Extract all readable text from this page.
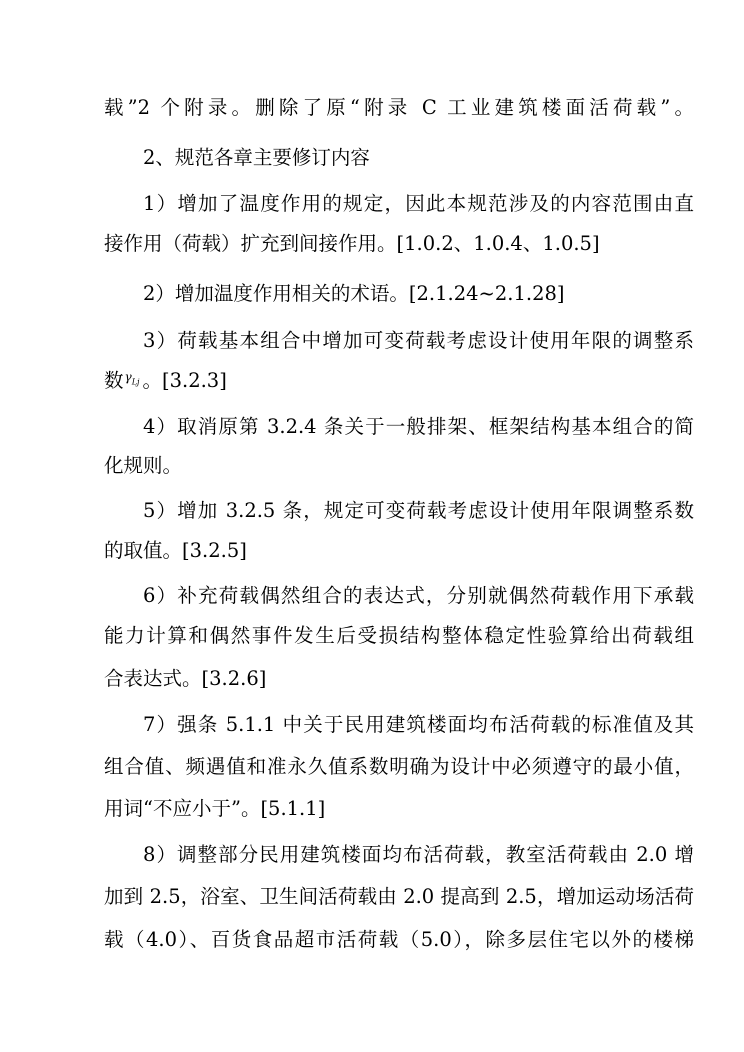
载”2 个附录。删除了原“附录 C 工业建筑楼面活荷载”。
2、规范各章主要修订内容
1）增加了温度作用的规定，因此本规范涉及的内容范围由直
接作用（荷载）扩充到间接作用。[1.0.2、1.0.4、1.0.5]
2）增加温度作用相关的术语。[2.1.24~2.1.28]
3）荷载基本组合中增加可变荷载考虑设计使用年限的调整系
数$^{\gamma_{Lj}}$ 。[3.2.3]
4）取消原第 3.2.4 条关于一般排架、框架结构基本组合的简
化规则。
5）增加 3.2.5 条，规定可变荷载考虑设计使用年限调整系数
的取值。[3.2.5]
6）补充荷载偶然组合的表达式，分别就偶然荷载作用下承载
能力计算和偶然事件发生后受损结构整体稳定性验算给出荷载组
合表达式。[3.2.6]
7）强条 5.1.1 中关于民用建筑楼面均布活荷载的标准值及其
组合值、频遇值和准永久值系数明确为设计中必须遵守的最小值，
用词“不应小于”。[5.1.1]
8）调整部分民用建筑楼面均布活荷载，教室活荷载由 2.0 增
加到 2.5，浴室、卫生间活荷载由 2.0 提高到 2.5，增加运动场活荷
载（4.0）、百货食品超市活荷载（5.0），除多层住宅以外的楼梯
